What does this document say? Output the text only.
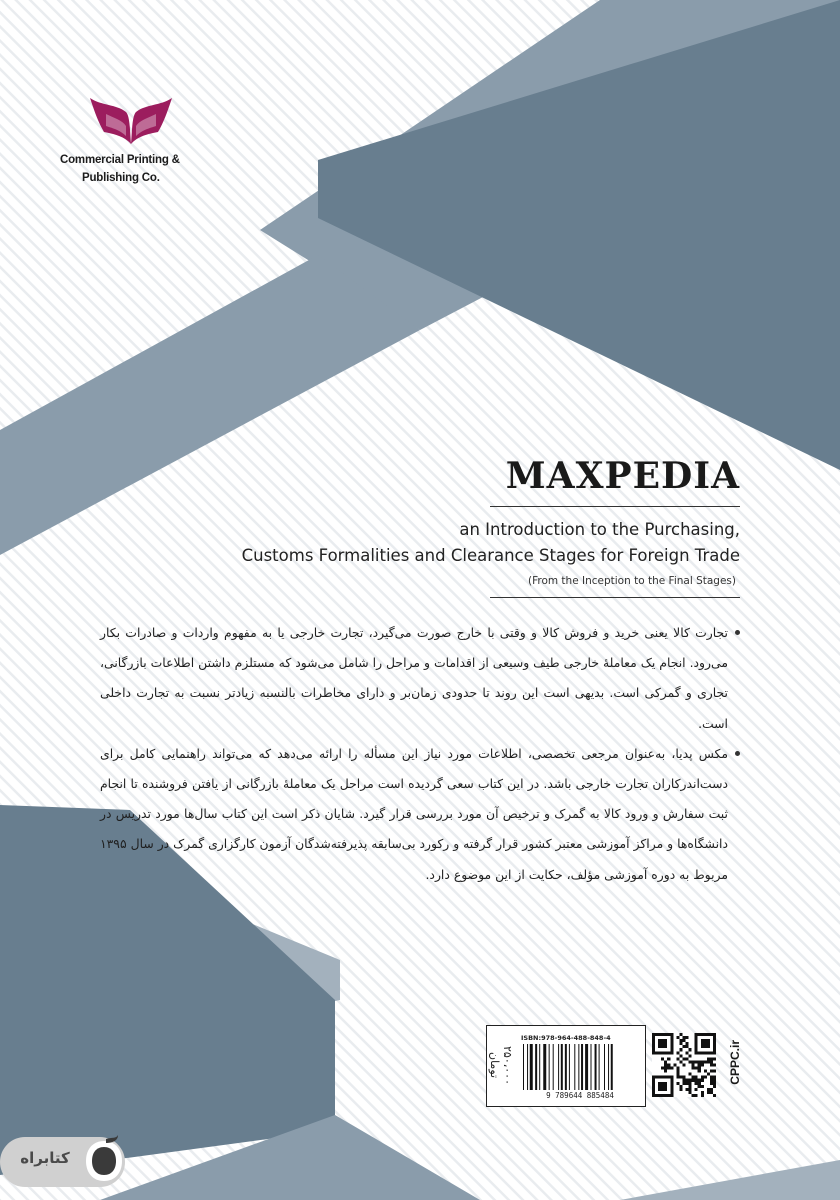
Commercial Printing &
Publishing Co.
MAXPEDIA
an Introduction to the Purchasing,
Customs Formalities and Clearance Stages for Foreign Trade
(From the Inception to the Final Stages)

تجارت کالا یعنی خرید و فروش کالا و وقتی با خارج صورت می‌گیرد، تجارت خارجی یا به مفهوم واردات و صادرات بکار می‌رود. انجام یک معاملهٔ خارجی طیف وسیعی از اقدامات و مراحل را شامل می‌شود که مستلزم داشتن اطلاعات بازرگانی، تجاری و گمرکی است. بدیهی است این روند تا حدودی زمان‌بر و دارای مخاطرات بالنسبه زیادتر نسبت به تجارت داخلی است.

مکس پدیا، به‌عنوان مرجعی تخصصی، اطلاعات مورد نیاز این مسأله را ارائه می‌دهد که می‌تواند راهنمایی کامل برای دست‌اندرکاران تجارت خارجی باشد. در این کتاب سعی گردیده است مراحل یک معاملهٔ بازرگانی از یافتن فروشنده تا انجام ثبت سفارش و ورود کالا به گمرک و ترخیص آن مورد بررسی قرار گیرد. شایان ذکر است این کتاب سال‌ها مورد تدریس در دانشگاه‌ها و مراکز آموزشی معتبر کشور قرار گرفته و رکورد بی‌سابقه پذیرفته‌شدگان آزمون کارگزاری گمرک در سال ۱۳۹۵ مربوط به دوره آموزشی مؤلف، حکایت از این موضوع دارد.

۲۵۰،۰۰۰ تومان
ISBN:978-964-488-848-4
9 789644 885484
CPPC.ir
کتابراه
